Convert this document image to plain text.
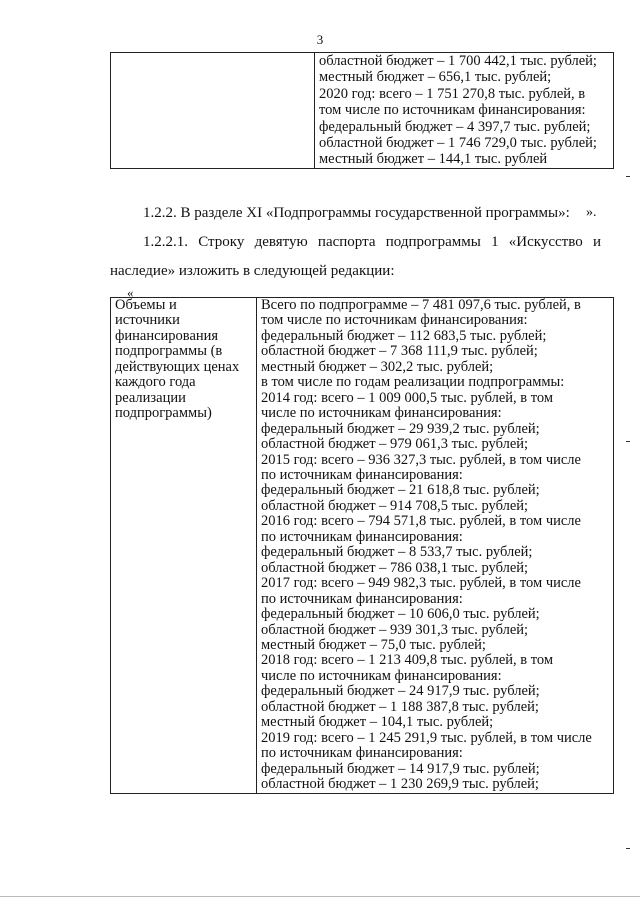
3

областной бюджет – 1 700 442,1 тыс. рублей;
местный бюджет – 656,1 тыс. рублей;
2020 год: всего – 1 751 270,8 тыс. рублей, в
том числе по источникам финансирования:
федеральный бюджет – 4 397,7 тыс. рублей;
областной бюджет – 1 746 729,0 тыс. рублей;
местный бюджет – 144,1 тыс. рублей
».
1.2.2. В разделе XI «Подпрограммы государственной программы»:
1.2.2.1. Строку девятую паспорта подпрограммы 1 «Искусство и
наследие» изложить в следующей редакции:
«
Объемы и
источники
финансирования
подпрограммы (в
действующих ценах
каждого года
реализации
подпрограммы)

Всего по подпрограмме – 7 481 097,6 тыс. рублей, в
том числе по источникам финансирования:
федеральный бюджет – 112 683,5 тыс. рублей;
областной бюджет – 7 368 111,9 тыс. рублей;
местный бюджет – 302,2 тыс. рублей;
в том числе по годам реализации подпрограммы:
2014 год: всего – 1 009 000,5 тыс. рублей, в том
числе по источникам финансирования:
федеральный бюджет – 29 939,2 тыс. рублей;
областной бюджет – 979 061,3 тыс. рублей;
2015 год: всего – 936 327,3 тыс. рублей, в том числе
по источникам финансирования:
федеральный бюджет – 21 618,8 тыс. рублей;
областной бюджет – 914 708,5 тыс. рублей;
2016 год: всего – 794 571,8 тыс. рублей, в том числе
по источникам финансирования:
федеральный бюджет – 8 533,7 тыс. рублей;
областной бюджет – 786 038,1 тыс. рублей;
2017 год: всего – 949 982,3 тыс. рублей, в том числе
по источникам финансирования:
федеральный бюджет – 10 606,0 тыс. рублей;
областной бюджет – 939 301,3 тыс. рублей;
местный бюджет – 75,0 тыс. рублей;
2018 год: всего – 1 213 409,8 тыс. рублей, в том
числе по источникам финансирования:
федеральный бюджет – 24 917,9 тыс. рублей;
областной бюджет – 1 188 387,8 тыс. рублей;
местный бюджет – 104,1 тыс. рублей;
2019 год: всего – 1 245 291,9 тыс. рублей, в том числе
по источникам финансирования:
федеральный бюджет – 14 917,9 тыс. рублей;
областной бюджет – 1 230 269,9 тыс. рублей;
